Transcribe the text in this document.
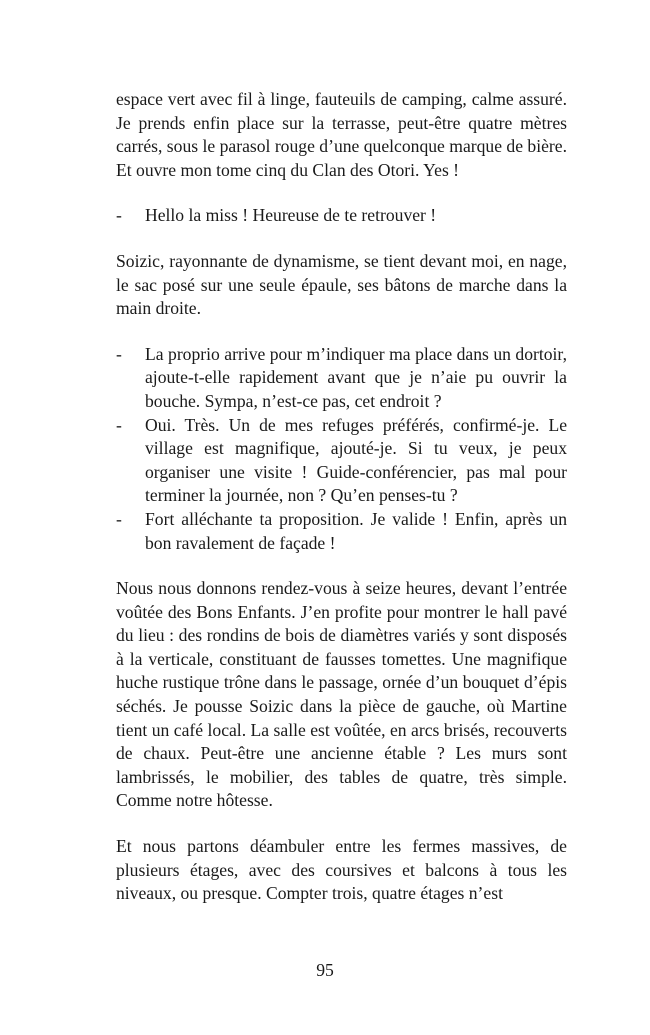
espace vert avec fil à linge, fauteuils de camping, calme assuré. Je prends enfin place sur la terrasse, peut-être quatre mètres carrés, sous le parasol rouge d’une quelconque marque de bière. Et ouvre mon tome cinq du Clan des Otori. Yes !

- Hello la miss ! Heureuse de te retrouver !

Soizic, rayonnante de dynamisme, se tient devant moi, en nage, le sac posé sur une seule épaule, ses bâtons de marche dans la main droite.

- La proprio arrive pour m’indiquer ma place dans un dortoir, ajoute-t-elle rapidement avant que je n’aie pu ouvrir la bouche. Sympa, n’est-ce pas, cet endroit ?

- Oui. Très. Un de mes refuges préférés, confirmé-je. Le village est magnifique, ajouté-je. Si tu veux, je peux organiser une visite ! Guide-conférencier, pas mal pour terminer la journée, non ? Qu’en penses-tu ?

- Fort alléchante ta proposition. Je valide ! Enfin, après un bon ravalement de façade !

Nous nous donnons rendez-vous à seize heures, devant l’entrée voûtée des Bons Enfants. J’en profite pour montrer le hall pavé du lieu : des rondins de bois de diamètres variés y sont disposés à la verticale, constituant de fausses tomettes. Une magnifique huche rustique trône dans le passage, ornée d’un bouquet d’épis séchés. Je pousse Soizic dans la pièce de gauche, où Martine tient un café local. La salle est voûtée, en arcs brisés, recouverts de chaux. Peut-être une ancienne étable ? Les murs sont lambrissés, le mobilier, des tables de quatre, très simple. Comme notre hôtesse.

Et nous partons déambuler entre les fermes massives, de plusieurs étages, avec des coursives et balcons à tous les niveaux, ou presque. Compter trois, quatre étages n’est

95
